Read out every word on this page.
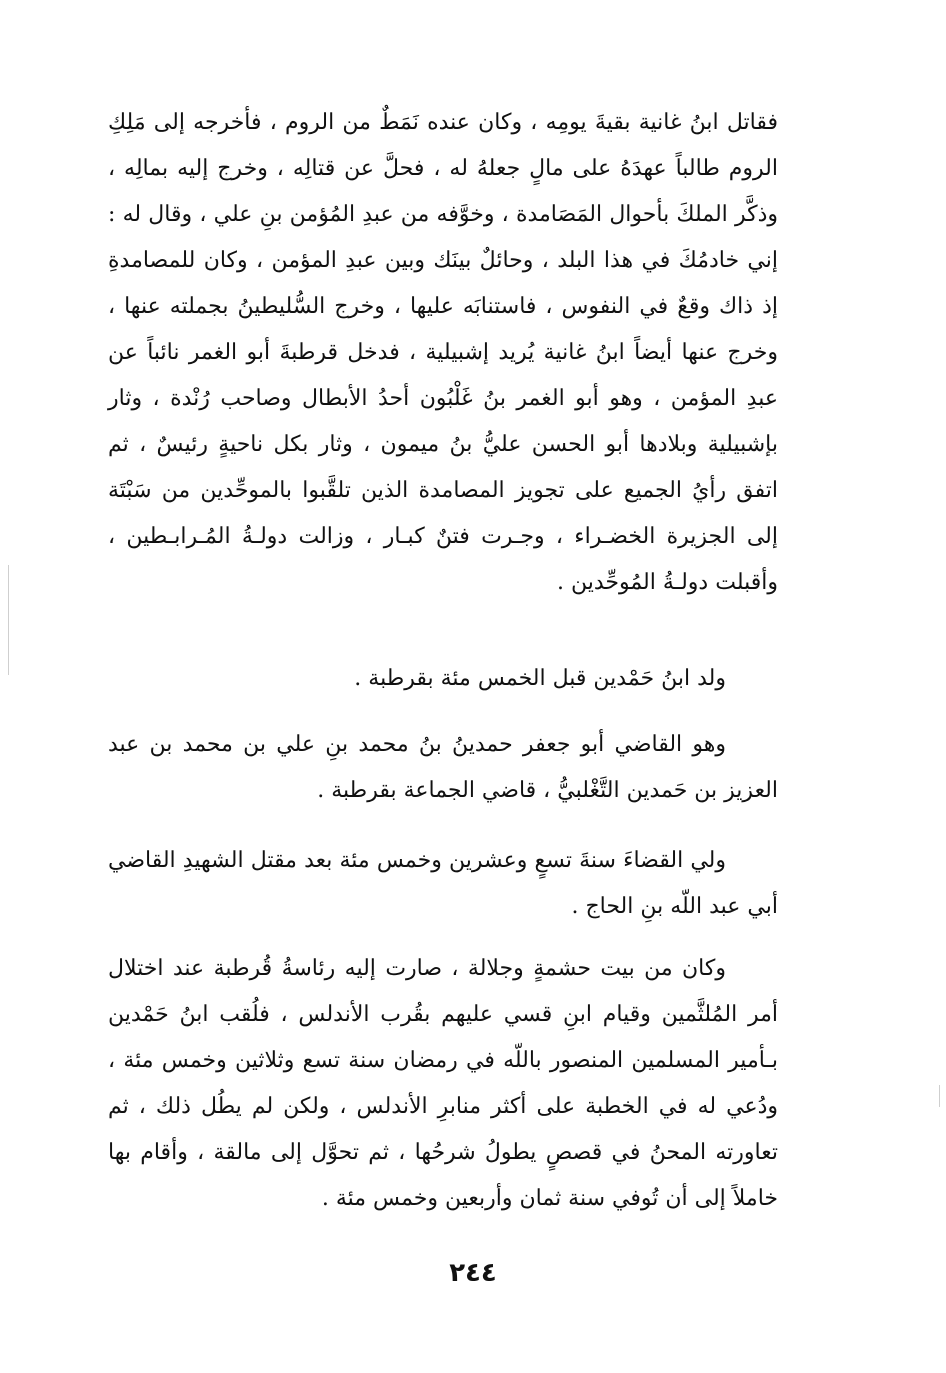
فقاتل ابنُ غانية بقيةَ يومِه ، وكان عنده نَمَطٌ من الروم ، فأخرجه إلى مَلِكِ الروم طالباً عهدَهُ على مالٍ جعلهُ له ، فحلَّ عن قتالِه ، وخرج إليه بمالِه ، وذكَّر الملكَ بأحوال المَصَامدة ، وخوَّفه من عبدِ المُؤمن بنِ علي ، وقال له : إني خادمُكَ في هذا البلد ، وحائلٌ بينَك وبين عبدِ المؤمن ، وكان للمصامدةِ إذ ذاك وقعٌ في النفوس ، فاستنابَه عليها ، وخرج السُّليطينُ بجملته عنها ، وخرج عنها أيضاً ابنُ غانية يُريد إشبيلية ، فدخل قرطبةَ أبو الغمر نائباً عن عبدِ المؤمن ، وهو أبو الغمر بنُ غَلْبُون أحدُ الأبطال وصاحب رُنْدة ، وثار بإشبيلية وبلادها أبو الحسن عليُّ بنُ ميمون ، وثار بكل ناحيةٍ رئيسٌ ، ثم اتفق رأيُ الجميع على تجويز المصامدة الذين تلقَّبوا بالموحِّدين من سَبْتَة إلى الجزيرة الخضـراء ، وجـرت فتنٌ كبـار ، وزالت دولـةُ المُـرابـطين ، وأقبلت دولـةُ المُوحِّدين .

ولد ابنُ حَمْدين قبل الخمس مئة بقرطبة .

وهو القاضي أبو جعفر حمدينُ بنُ محمد بنِ علي بن محمد بن عبد العزيز بن حَمدين التَّغْلبيُّ ، قاضي الجماعة بقرطبة .

ولي القضاءَ سنةَ تسعٍ وعشرين وخمس مئة بعد مقتل الشهيدِ القاضي أبي عبد اللّه بنِ الحاج .

وكان من بيت حشمةٍ وجلالة ، صارت إليه رئاسةُ قُرطبة عند اختلال أمر المُلثَّمين وقيام ابنِ قسي عليهم بقُرب الأندلس ، فلُقب ابنُ حَمْدين بـأمير المسلمين المنصور باللّه في رمضان سنة تسع وثلاثين وخمس مئة ، ودُعي له في الخطبة على أكثر منابرِ الأندلس ، ولكن لم يطُل ذلك ، ثم تعاورته المحنُ في قصصٍ يطولُ شرحُها ، ثم تحوَّل إلى مالقة ، وأقام بها خاملاً إلى أن تُوفي سنة ثمان وأربعين وخمس مئة .

٢٤٤
